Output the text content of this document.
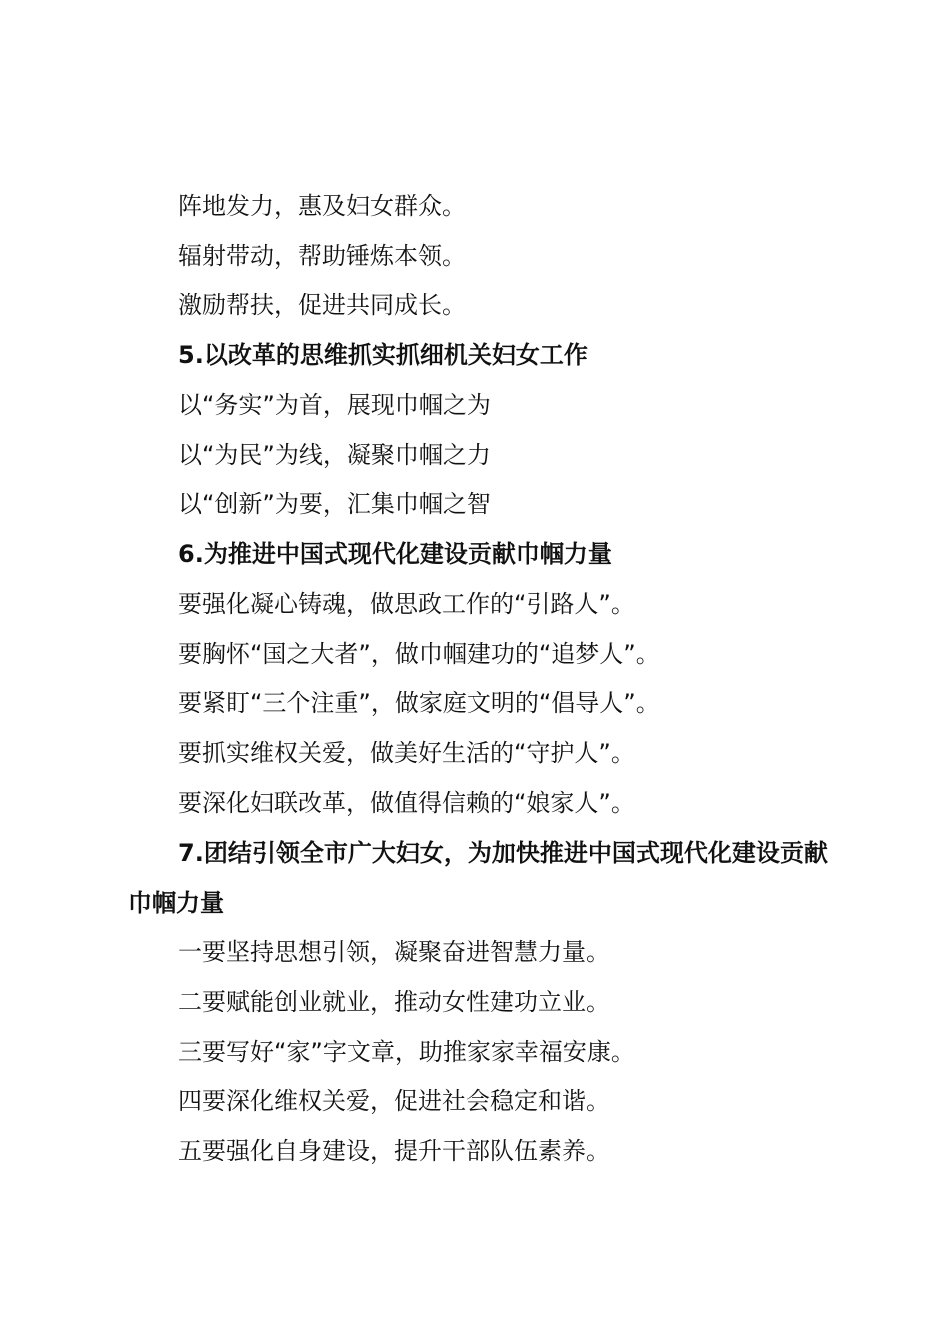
阵地发力，惠及妇女群众。
辐射带动，帮助锤炼本领。
激励帮扶，促进共同成长。
5.以改革的思维抓实抓细机关妇女工作
以“务实”为首，展现巾帼之为
以“为民”为线，凝聚巾帼之力
以“创新”为要，汇集巾帼之智
6.为推进中国式现代化建设贡献巾帼力量
要强化凝心铸魂，做思政工作的“引路人”。
要胸怀“国之大者”，做巾帼建功的“追梦人”。
要紧盯“三个注重”，做家庭文明的“倡导人”。
要抓实维权关爱，做美好生活的“守护人”。
要深化妇联改革，做值得信赖的“娘家人”。
7.团结引领全市广大妇女，为加快推进中国式现代化建设贡献巾帼力量
一要坚持思想引领，凝聚奋进智慧力量。
二要赋能创业就业，推动女性建功立业。
三要写好“家”字文章，助推家家幸福安康。
四要深化维权关爱，促进社会稳定和谐。
五要强化自身建设，提升干部队伍素养。
